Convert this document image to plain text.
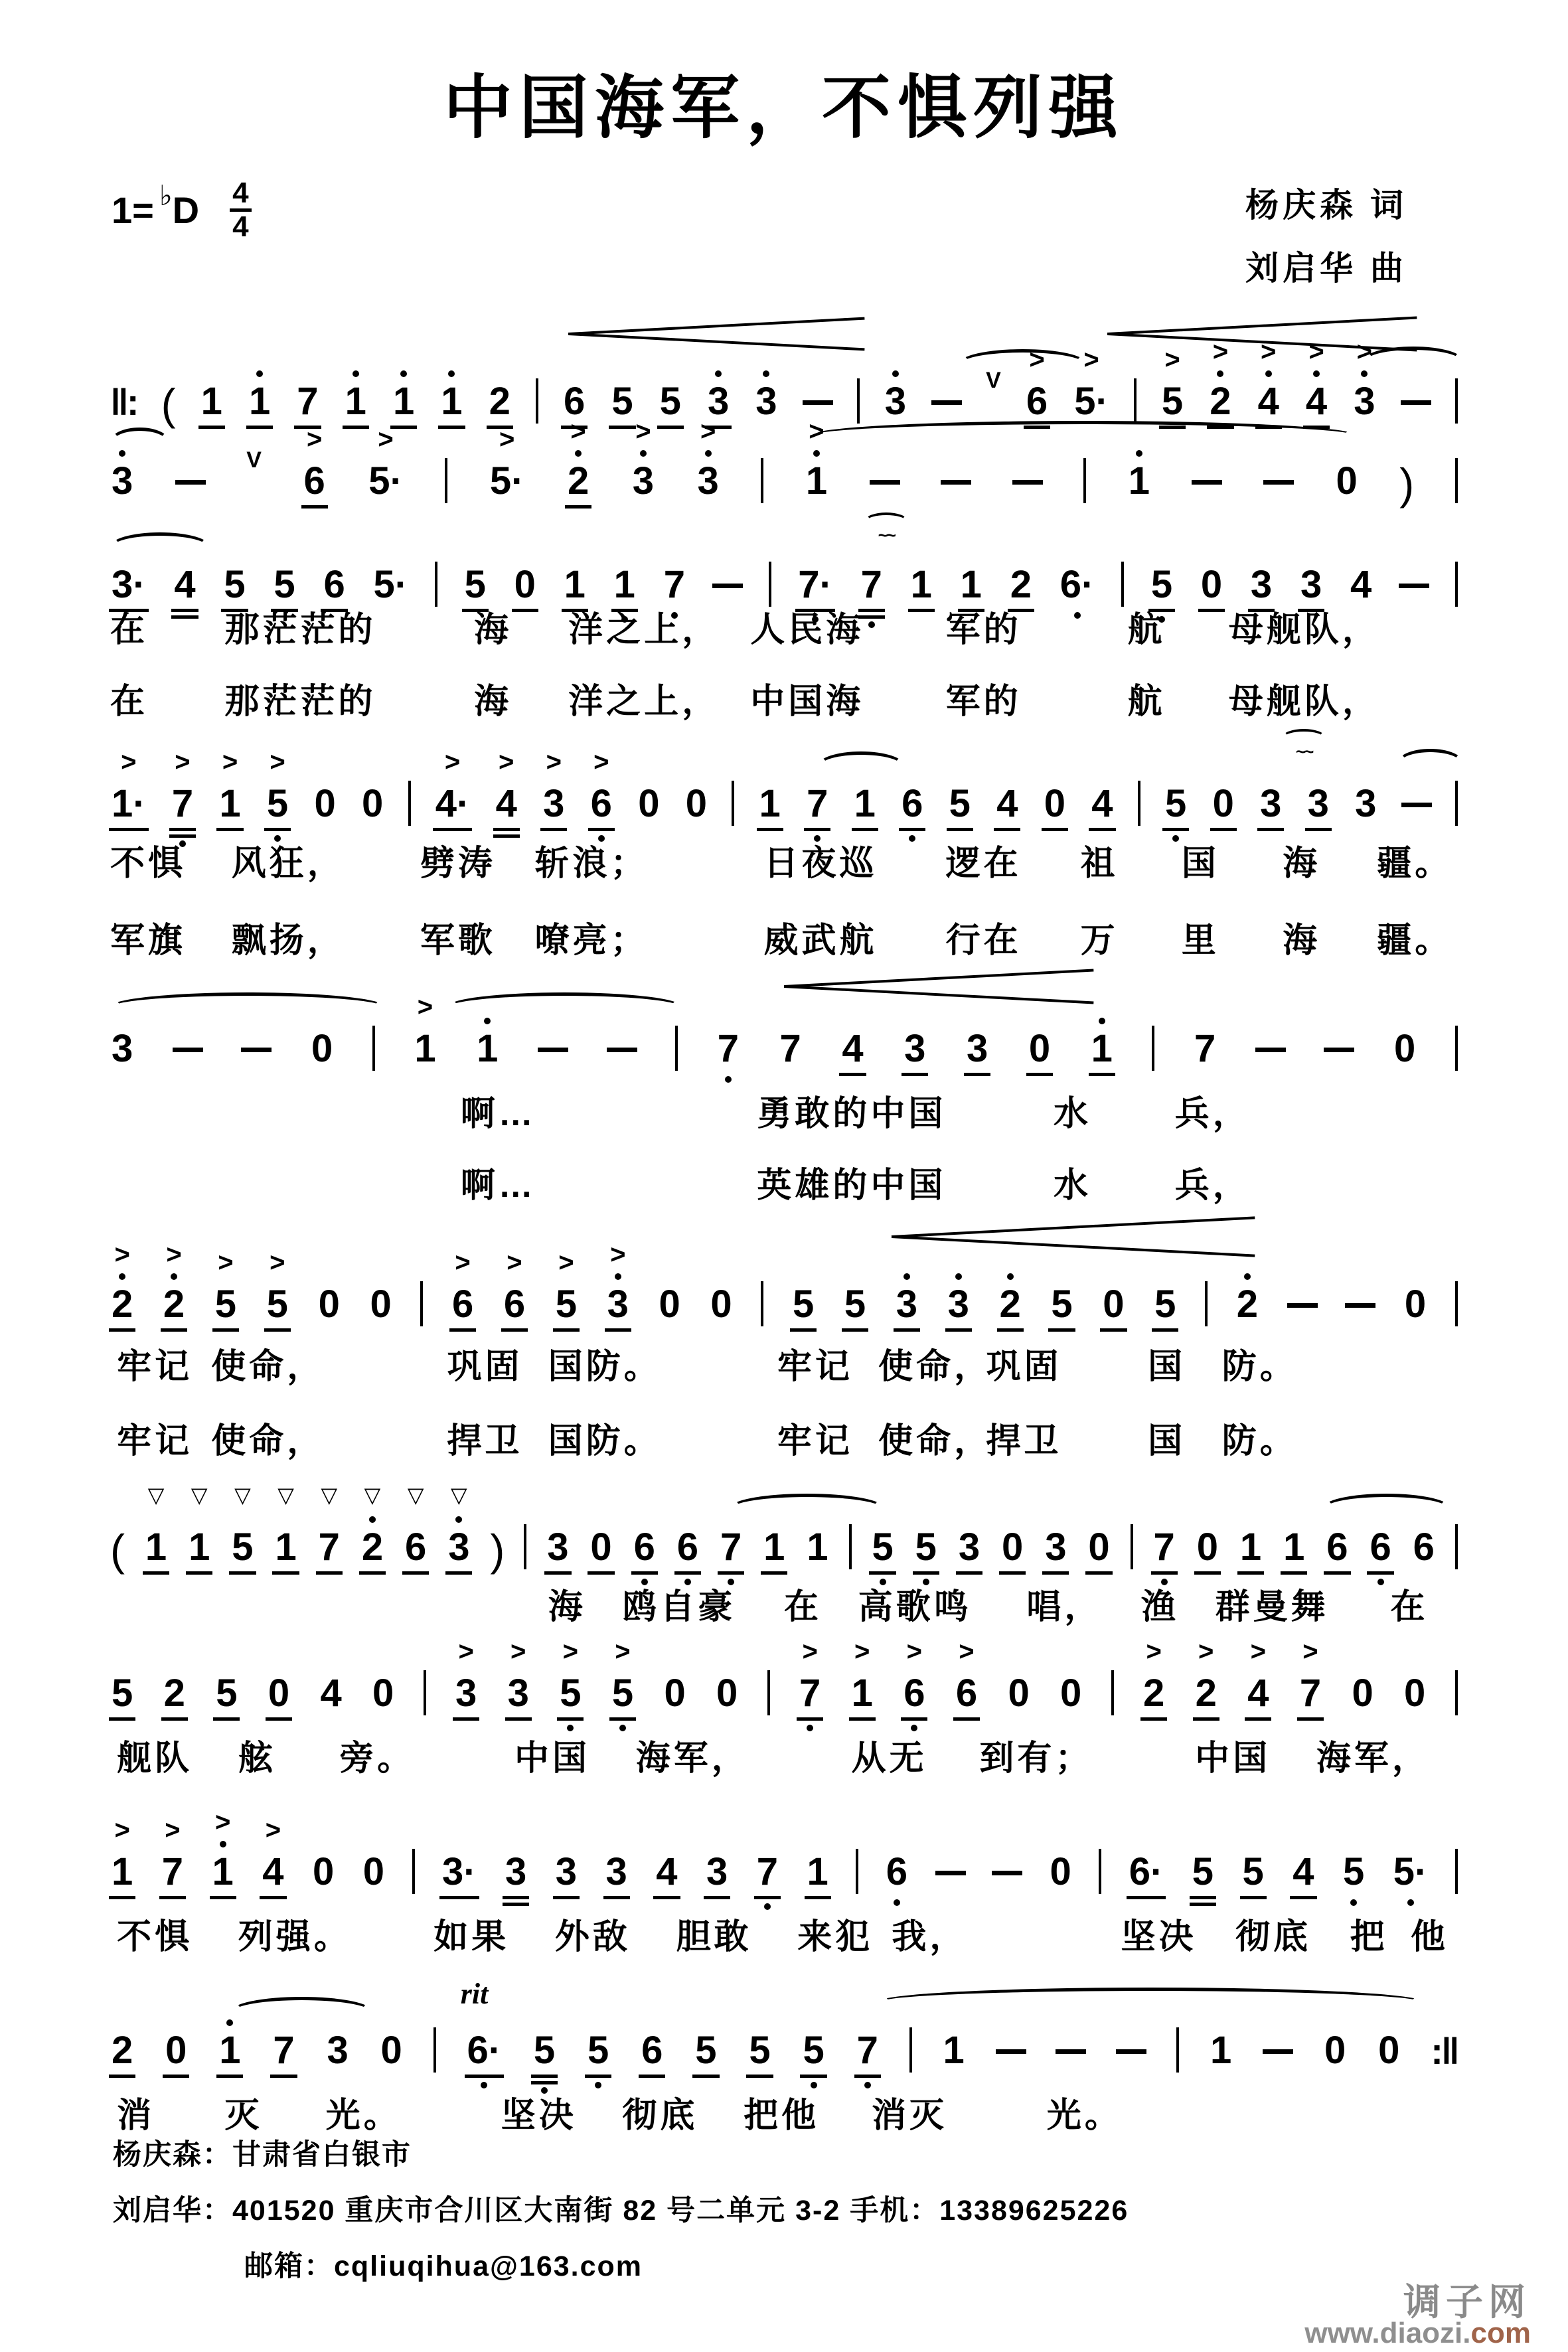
中国海军，不惧列强
1 = ♭ D $\frac{4}{4}$	杨庆森 词
刘启华 曲
‖: ( 1 1 7 1 1 1 2 6 5 5 3 3	3	V 6
>
5·
>
5
>
2
>
4
>
4
>
3
>
3	V 6
>
5·
>
5·
>
2
>
3
>
3
>
1
>
1	0 )
~~
3· 4 5 5 6 5· 5 0 1 1 7	7· 7 1 1 2 6· 5 0 3 3 4
在 那茫茫的	海 洋之上， 人民海 军的	航 母舰队，
在 那茫茫的	海 洋之上， 中国海 军的	航 母舰队，
~~
1·
>
7
>
1
>
5
>
0 0 4·
>
4
>
3
>
6
>
0 0 1 7 1 6 5 4 0 4 5 0 3 3 3
不惧 风狂， 劈涛 斩浪；	日夜巡 逻在 祖 国 海 疆。
军旗 飘扬， 军歌 嘹亮；	威武航 行在 万 里 海 疆。
3	0 1
>
1	7 7 4 3 3 0 1 7	0
啊…	勇敢的中国	水 兵，
啊…	英雄的中国	水 兵，
2
>
2
>
5
>
5
>
0 0 6
>
6
>
5
>
3
>
0 0 5 5 3 3 2 5 0 5 2	0
牢记 使命，	巩固 国防。	牢记 使命，
巩固 国 防。
牢记 使命，	捍卫 国防。	牢记 使命，
捍卫 国 防。
( 1
▽
1
▽
5
▽
1
▽
7
▽
2
▽
6
▽
3
▽
) 3 0 6 6 7 1 1 5 5 3 0 3 0 7 0 1 1 6 6 6
海 鸥自豪 在 高歌鸣 唱， 渔 群曼舞 在
5 2 5 0 4 0 3
>
3
>
5
>
5
>
0 0 7
>
1
>
6
>
6
>
0 0 2
>
2
>
4
>
7
>
0 0
舰队 舷 旁。	中国 海军，	从无 到有；	中国 海军，
1
>
7
>
1
>
4
>
0 0 3· 3 3 3 4 3 7 1 6	0 6· 5 5 4 5 5·
不惧 列强。 如果 外敌 胆敢 来犯 我，	坚决 彻底 把 他
rit
2 0 1 7 3 0 6· 5 5 6 5 5 5 7 1	1 0 0 :‖
消 灭 光。	坚决 彻底 把他 消灭	光。
杨庆森：甘肃省白银市
刘启华：401520 重庆市合川区大南街 82 号二单元 3-2 手机：13389625226
邮箱：cqliuqihua@163.com
调子网
www.diaozi.com
